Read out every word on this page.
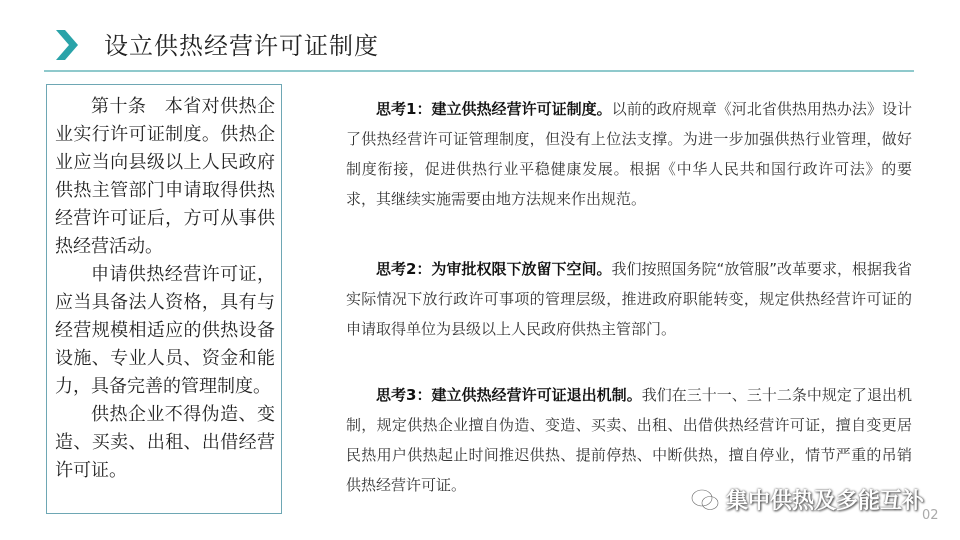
设立供热经营许可证制度

第十条　本省对供热企业实行许可证制度。供热企业应当向县级以上人民政府供热主管部门申请取得供热经营许可证后，方可从事供热经营活动。

申请供热经营许可证，应当具备法人资格，具有与经营规模相适应的供热设备设施、专业人员、资金和能力，具备完善的管理制度。

供热企业不得伪造、变造、买卖、出租、出借经营许可证。

思考1：建立供热经营许可证制度。以前的政府规章《河北省供热用热办法》设计了供热经营许可证管理制度，但没有上位法支撑。为进一步加强供热行业管理，做好制度衔接，促进供热行业平稳健康发展。根据《中华人民共和国行政许可法》的要求，其继续实施需要由地方法规来作出规范。
思考2：为审批权限下放留下空间。我们按照国务院“放管服”改革要求，根据我省实际情况下放行政许可事项的管理层级，推进政府职能转变，规定供热经营许可证的申请取得单位为县级以上人民政府供热主管部门。
思考3：建立供热经营许可证退出机制。我们在三十一、三十二条中规定了退出机制，规定供热企业擅自伪造、变造、买卖、出租、出借供热经营许可证，擅自变更居民热用户供热起止时间推迟供热、提前停热、中断供热，擅自停业，情节严重的吊销供热经营许可证。
集中供热及多能互补
02
